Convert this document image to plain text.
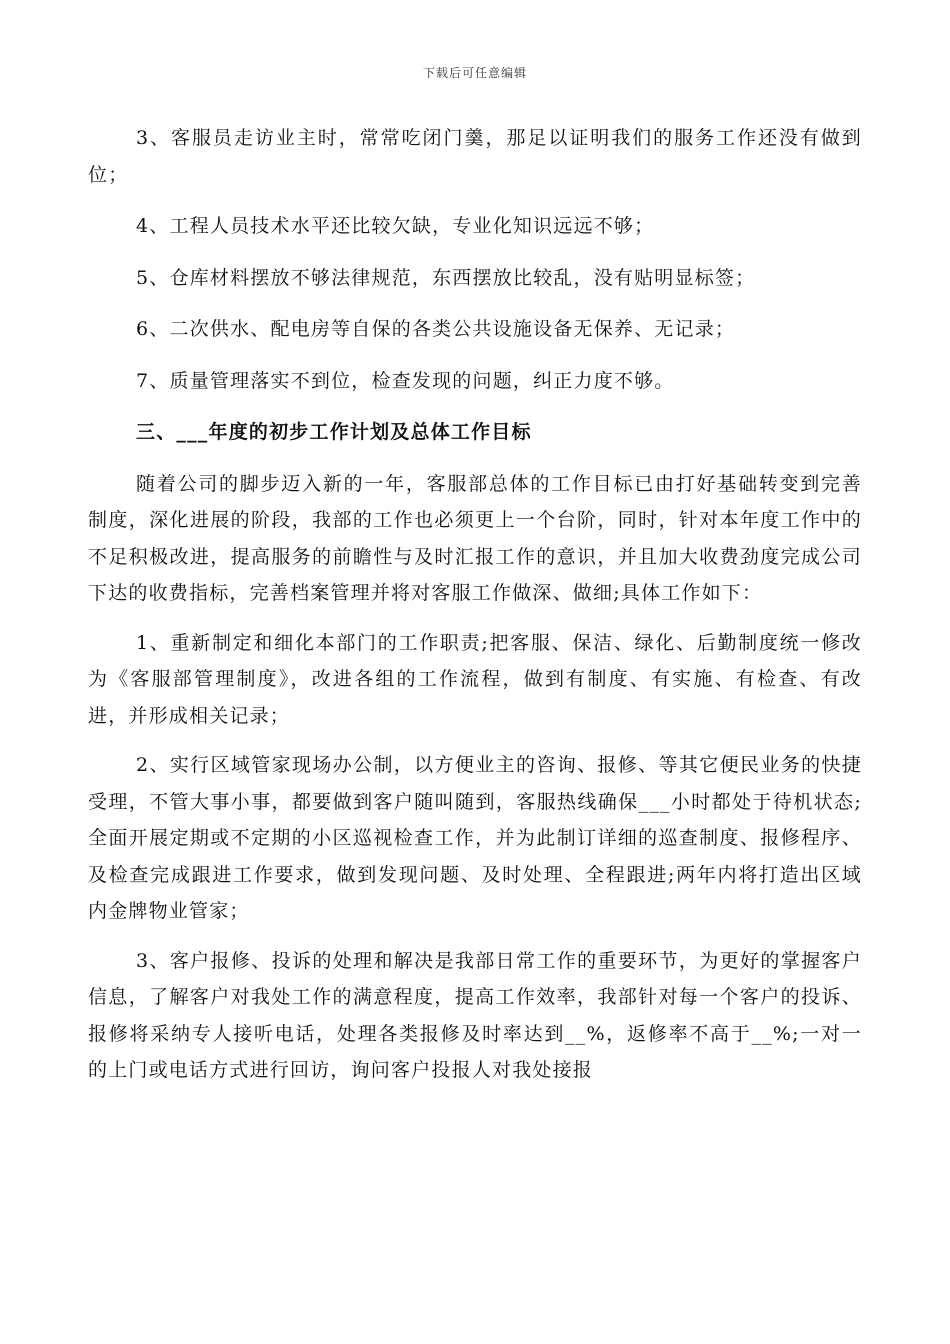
下载后可任意编辑

3、客服员走访业主时，常常吃闭门羹，那足以证明我们的服务工作还没有做到位；

4、工程人员技术水平还比较欠缺，专业化知识远远不够；

5、仓库材料摆放不够法律规范，东西摆放比较乱，没有贴明显标签；

6、二次供水、配电房等自保的各类公共设施设备无保养、无记录；

7、质量管理落实不到位，检查发现的问题，纠正力度不够。

三、___年度的初步工作计划及总体工作目标

随着公司的脚步迈入新的一年，客服部总体的工作目标已由打好基础转变到完善制度，深化进展的阶段，我部的工作也必须更上一个台阶，同时，针对本年度工作中的不足积极改进，提高服务的前瞻性与及时汇报工作的意识，并且加大收费劲度完成公司下达的收费指标，完善档案管理并将对客服工作做深、做细;具体工作如下：

1、重新制定和细化本部门的工作职责;把客服、保洁、绿化、后勤制度统一修改为《客服部管理制度》，改进各组的工作流程，做到有制度、有实施、有检查、有改进，并形成相关记录；

2、实行区域管家现场办公制，以方便业主的咨询、报修、等其它便民业务的快捷受理，不管大事小事，都要做到客户随叫随到，客服热线确保___小时都处于待机状态;全面开展定期或不定期的小区巡视检查工作，并为此制订详细的巡查制度、报修程序、及检查完成跟进工作要求，做到发现问题、及时处理、全程跟进;两年内将打造出区域内金牌物业管家；

3、客户报修、投诉的处理和解决是我部日常工作的重要环节，为更好的掌握客户信息，了解客户对我处工作的满意程度，提高工作效率，我部针对每一个客户的投诉、报修将采纳专人接听电话，处理各类报修及时率达到__%，返修率不高于__%;一对一的上门或电话方式进行回访，询问客户投报人对我处接报
